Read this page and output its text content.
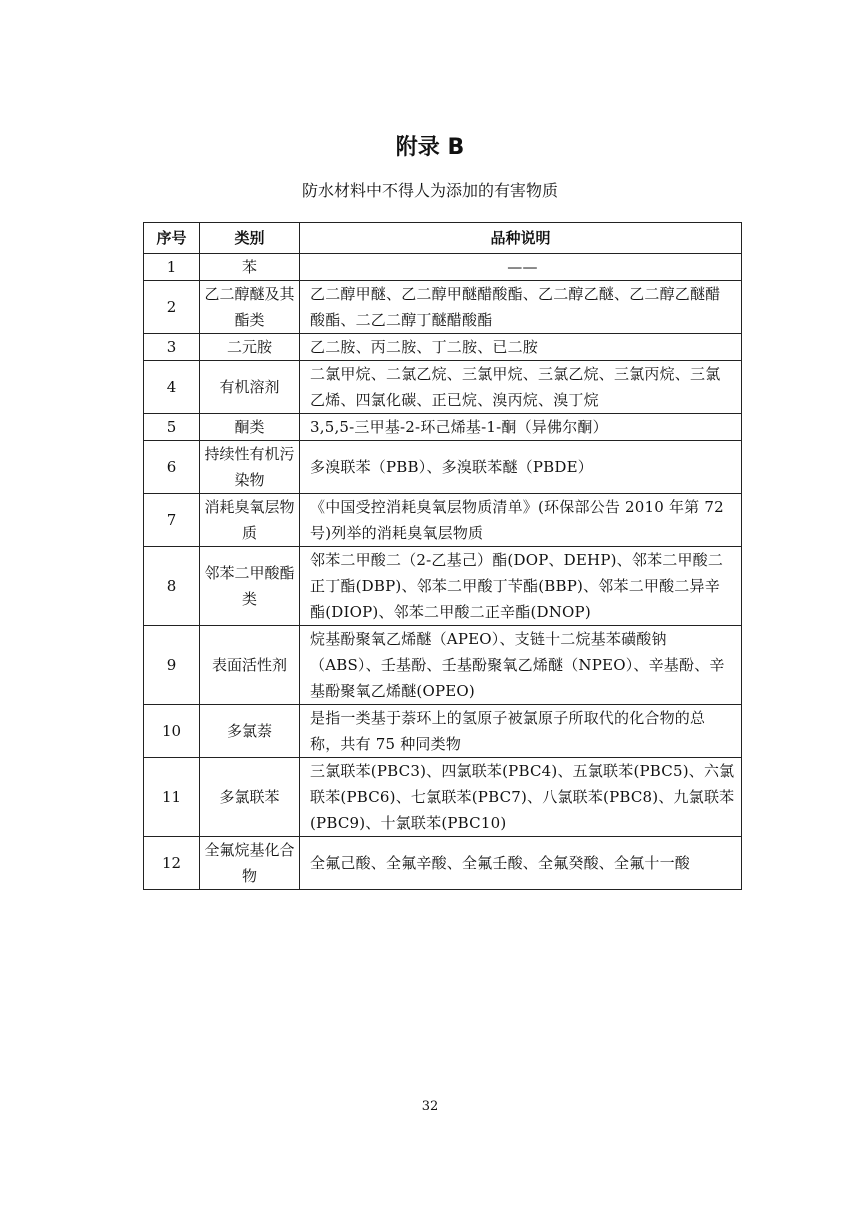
附录 B
防水材料中不得人为添加的有害物质
序号	类别	品种说明
1	苯	——
2	乙二醇醚及其酯类	乙二醇甲醚、乙二醇甲醚醋酸酯、乙二醇乙醚、乙二醇乙醚醋酸酯、二乙二醇丁醚醋酸酯
3	二元胺	乙二胺、丙二胺、丁二胺、已二胺
4	有机溶剂	二氯甲烷、二氯乙烷、三氯甲烷、三氯乙烷、三氯丙烷、三氯乙烯、四氯化碳、正已烷、溴丙烷、溴丁烷
5	酮类	3,5,5-三甲基-2-环己烯基-1-酮（异佛尔酮）
6	持续性有机污染物	多溴联苯（PBB）、多溴联苯醚（PBDE）
7	消耗臭氧层物质	《中国受控消耗臭氧层物质清单》(环保部公告 2010 年第 72 号)列举的消耗臭氧层物质
8	邻苯二甲酸酯类	邻苯二甲酸二（2-乙基己）酯(DOP、DEHP)、邻苯二甲酸二正丁酯(DBP)、邻苯二甲酸丁苄酯(BBP)、邻苯二甲酸二异辛酯(DIOP)、邻苯二甲酸二正辛酯(DNOP)
9	表面活性剂	烷基酚聚氧乙烯醚（APEO）、支链十二烷基苯磺酸钠（ABS）、壬基酚、壬基酚聚氧乙烯醚（NPEO）、辛基酚、辛基酚聚氧乙烯醚(OPEO)
10	多氯萘	是指一类基于萘环上的氢原子被氯原子所取代的化合物的总称，共有 75 种同类物
11	多氯联苯	三氯联苯(PBC3)、四氯联苯(PBC4)、五氯联苯(PBC5)、六氯联苯(PBC6)、七氯联苯(PBC7)、八氯联苯(PBC8)、九氯联苯(PBC9)、十氯联苯(PBC10)
12	全氟烷基化合物	全氟己酸、全氟辛酸、全氟壬酸、全氟癸酸、全氟十一酸
32
